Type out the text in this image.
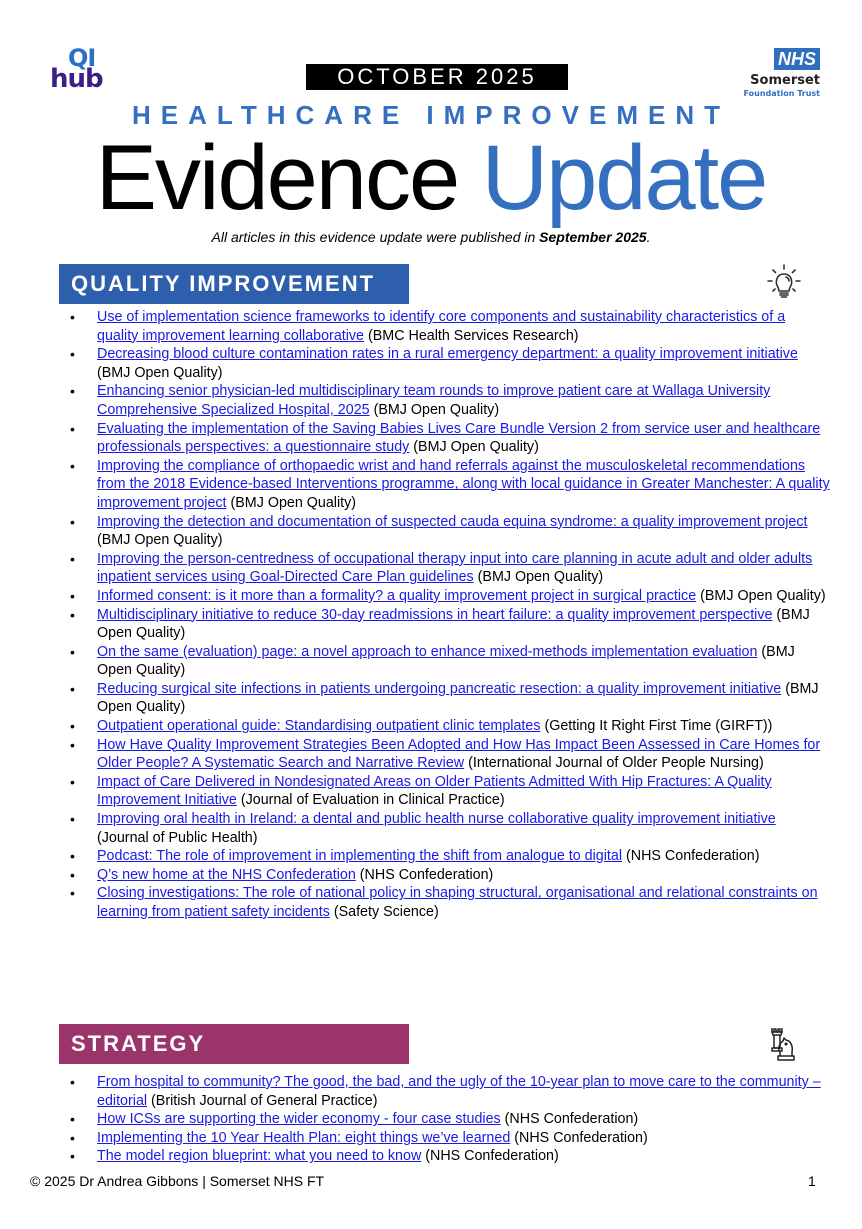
QI
hub	OCTOBER 2025
NHS
Somerset
Foundation Trust
HEALTHCARE IMPROVEMENT
Evidence Update
All articles in this evidence update were published in September 2025.
QUALITY IMPROVEMENT
• Use of implementation science frameworks to identify core components and sustainability characteristics of a quality improvement learning collaborative (BMC Health Services Research)
• Decreasing blood culture contamination rates in a rural emergency department: a quality improvement initiative (BMJ Open Quality)
• Enhancing senior physician-led multidisciplinary team rounds to improve patient care at Wallaga University Comprehensive Specialized Hospital, 2025 (BMJ Open Quality)
• Evaluating the implementation of the Saving Babies Lives Care Bundle Version 2 from service user and healthcare professionals perspectives: a questionnaire study (BMJ Open Quality)
• Improving the compliance of orthopaedic wrist and hand referrals against the musculoskeletal recommendations from the 2018 Evidence-based Interventions programme, along with local guidance in Greater Manchester: A quality improvement project (BMJ Open Quality)
• Improving the detection and documentation of suspected cauda equina syndrome: a quality improvement project (BMJ Open Quality)
• Improving the person-centredness of occupational therapy input into care planning in acute adult and older adults inpatient services using Goal-Directed Care Plan guidelines (BMJ Open Quality)
• Informed consent: is it more than a formality? a quality improvement project in surgical practice (BMJ Open Quality)
• Multidisciplinary initiative to reduce 30-day readmissions in heart failure: a quality improvement perspective (BMJ Open Quality)
• On the same (evaluation) page: a novel approach to enhance mixed-methods implementation evaluation (BMJ Open Quality)
• Reducing surgical site infections in patients undergoing pancreatic resection: a quality improvement initiative (BMJ Open Quality)
• Outpatient operational guide: Standardising outpatient clinic templates (Getting It Right First Time (GIRFT))
• How Have Quality Improvement Strategies Been Adopted and How Has Impact Been Assessed in Care Homes for Older People? A Systematic Search and Narrative Review (International Journal of Older People Nursing)
• Impact of Care Delivered in Nondesignated Areas on Older Patients Admitted With Hip Fractures: A Quality Improvement Initiative (Journal of Evaluation in Clinical Practice)
• Improving oral health in Ireland: a dental and public health nurse collaborative quality improvement initiative (Journal of Public Health)
• Podcast: The role of improvement in implementing the shift from analogue to digital (NHS Confederation)
• Q’s new home at the NHS Confederation (NHS Confederation)
• Closing investigations: The role of national policy in shaping structural, organisational and relational constraints on learning from patient safety incidents (Safety Science)
STRATEGY
• From hospital to community? The good, the bad, and the ugly of the 10-year plan to move care to the community – editorial (British Journal of General Practice)
• How ICSs are supporting the wider economy - four case studies (NHS Confederation)
• Implementing the 10 Year Health Plan: eight things we’ve learned (NHS Confederation)
• The model region blueprint: what you need to know (NHS Confederation)
© 2025 Dr Andrea Gibbons | Somerset NHS FT	1
